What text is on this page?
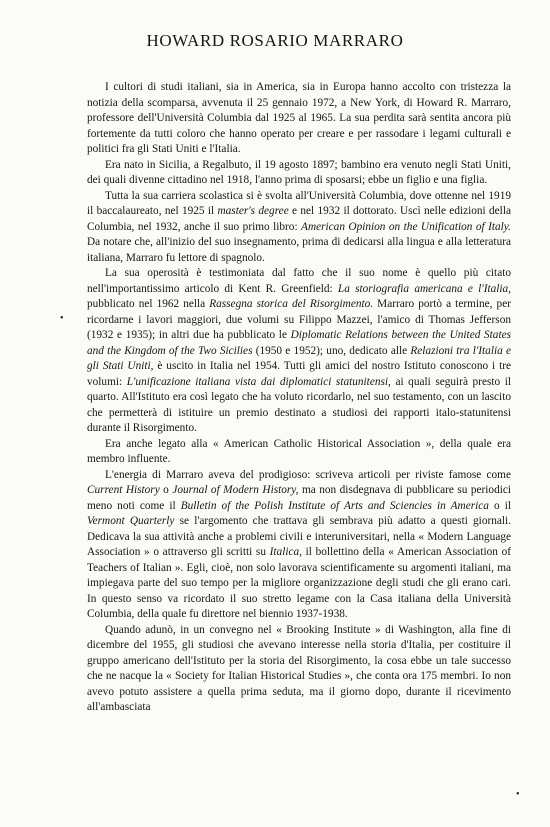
HOWARD ROSARIO MARRARO

I cultori di studi italiani, sia in America, sia in Europa hanno accolto con tristezza la notizia della scomparsa, avvenuta il 25 gennaio 1972, a New York, di Howard R. Marraro, professore dell'Università Columbia dal 1925 al 1965. La sua perdita sarà sentita ancora più fortemente da tutti coloro che hanno operato per creare e per rassodare i legami culturali e politici fra gli Stati Uniti e l'Italia.

Era nato in Sicilia, a Regalbuto, il 19 agosto 1897; bambino era venuto negli Stati Uniti, dei quali divenne cittadino nel 1918, l'anno prima di sposarsi; ebbe un figlio e una figlia.

Tutta la sua carriera scolastica si è svolta all'Università Columbia, dove ottenne nel 1919 il baccalaureato, nel 1925 il master's degree e nel 1932 il dottorato. Uscì nelle edizioni della Columbia, nel 1932, anche il suo primo libro: American Opinion on the Unification of Italy. Da notare che, all'inizio del suo insegnamento, prima di dedicarsi alla lingua e alla letteratura italiana, Marraro fu lettore di spagnolo.

La sua operosità è testimoniata dal fatto che il suo nome è quello più citato nell'importantissimo articolo di Kent R. Greenfield: La storiografia americana e l'Italia, pubblicato nel 1962 nella Rassegna storica del Risorgimento. Marraro portò a termine, per ricordarne i lavori maggiori, due volumi su Filippo Mazzei, l'amico di Thomas Jefferson (1932 e 1935); in altri due ha pubblicato le Diplomatic Relations between the United States and the Kingdom of the Two Sicilies (1950 e 1952); uno, dedicato alle Relazioni tra l'Italia e gli Stati Uniti, è uscito in Italia nel 1954. Tutti gli amici del nostro Istituto conoscono i tre volumi: L'unificazione italiana vista dai diplomatici statunitensi, ai quali seguirà presto il quarto. All'Istituto era così legato che ha voluto ricordarlo, nel suo testamento, con un lascito che permetterà di istituire un premio destinato a studiosi dei rapporti italo-statunitensi durante il Risorgimento.

Era anche legato alla « American Catholic Historical Association », della quale era membro influente.

L'energia di Marraro aveva del prodigioso: scriveva articoli per riviste famose come Current History o Journal of Modern History, ma non disdegnava di pubblicare su periodici meno noti come il Bulletin of the Polish Institute of Arts and Sciencies in America o il Vermont Quarterly se l'argomento che trattava gli sembrava più adatto a questi giornali. Dedicava la sua attività anche a problemi civili e interuniversitari, nella « Modern Language Association » o attraverso gli scritti su Italica, il bollettino della « American Association of Teachers of Italian ». Egli, cioè, non solo lavorava scientificamente su argomenti italiani, ma impiegava parte del suo tempo per la migliore organizzazione degli studi che gli erano cari. In questo senso va ricordato il suo stretto legame con la Casa italiana della Università Columbia, della quale fu direttore nel biennio 1937-1938.

Quando adunò, in un convegno nel « Brooking Institute » di Washington, alla fine di dicembre del 1955, gli studiosi che avevano interesse nella storia d'Italia, per costituire il gruppo americano dell'Istituto per la storia del Risorgimento, la cosa ebbe un tale successo che ne nacque la « Society for Italian Historical Studies », che conta ora 175 membri. Io non avevo potuto assistere a quella prima seduta, ma il giorno dopo, durante il ricevimento all'ambasciata

•
•
